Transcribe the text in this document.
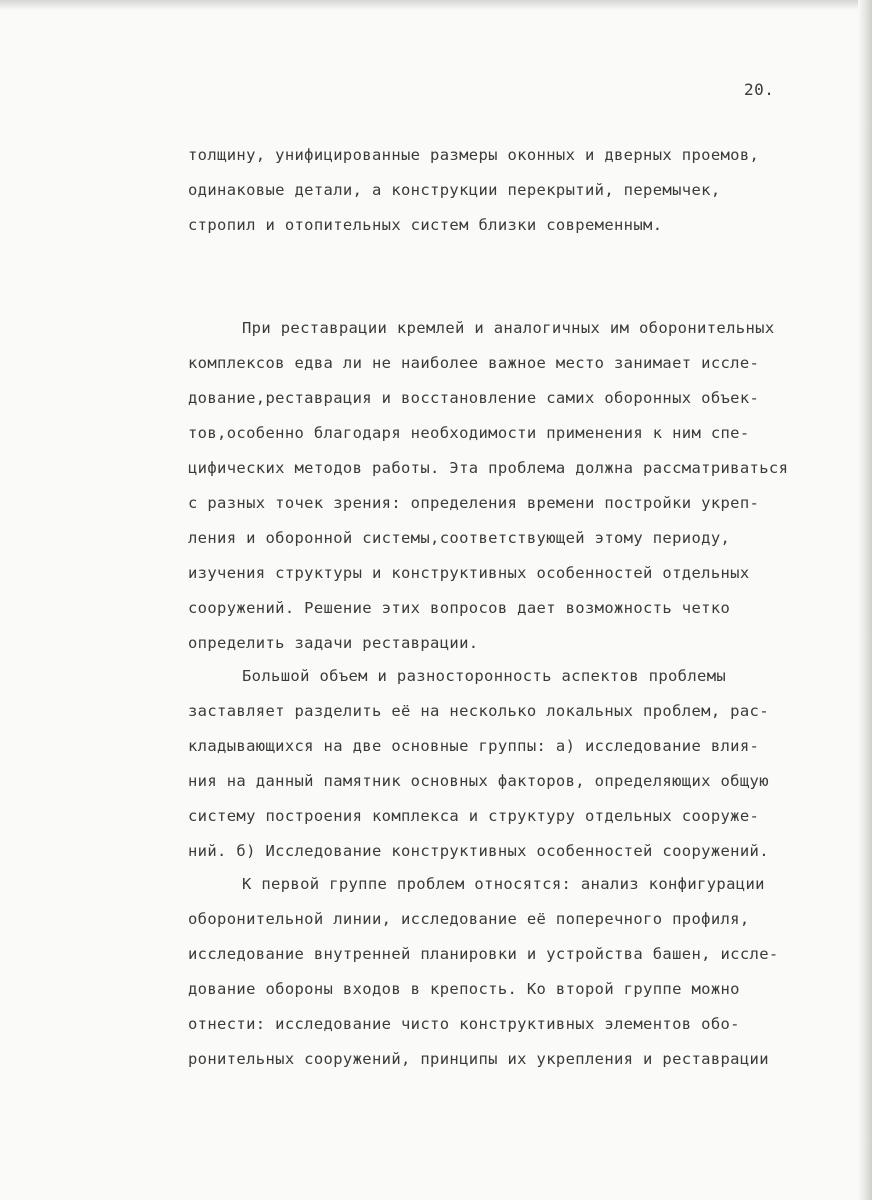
20.
толщину, унифицированные размеры оконных и дверных проемов,
одинаковые детали, а конструкции перекрытий, перемычек,
стропил и отопительных систем близки современным.
При реставрации кремлей и аналогичных им оборонительных
комплексов едва ли не наиболее важное место занимает иссле-
дование,реставрация и восстановление самих оборонных объек-
тов,особенно благодаря необходимости применения к ним спе-
цифических методов работы. Эта проблема должна рассматриваться
с разных точек зрения: определения времени постройки укреп-
ления и оборонной системы,соответствующей этому периоду,
изучения структуры и конструктивных особенностей отдельных
сооружений. Решение этих вопросов дает возможность четко
определить задачи реставрации.
Большой объем и разносторонность аспектов проблемы
заставляет разделить её на несколько локальных проблем, рас-
кладывающихся на две основные группы: а) исследование влия-
ния на данный памятник основных факторов, определяющих общую
систему построения комплекса и структуру отдельных сооруже-
ний. б) Исследование конструктивных особенностей сооружений.
К первой группе проблем относятся: анализ конфигурации
оборонительной линии, исследование её поперечного профиля,
исследование внутренней планировки и устройства башен, иссле-
дование обороны входов в крепость. Ко второй группе можно
отнести: исследование чисто конструктивных элементов обо-
ронительных сооружений, принципы их укрепления и реставрации
